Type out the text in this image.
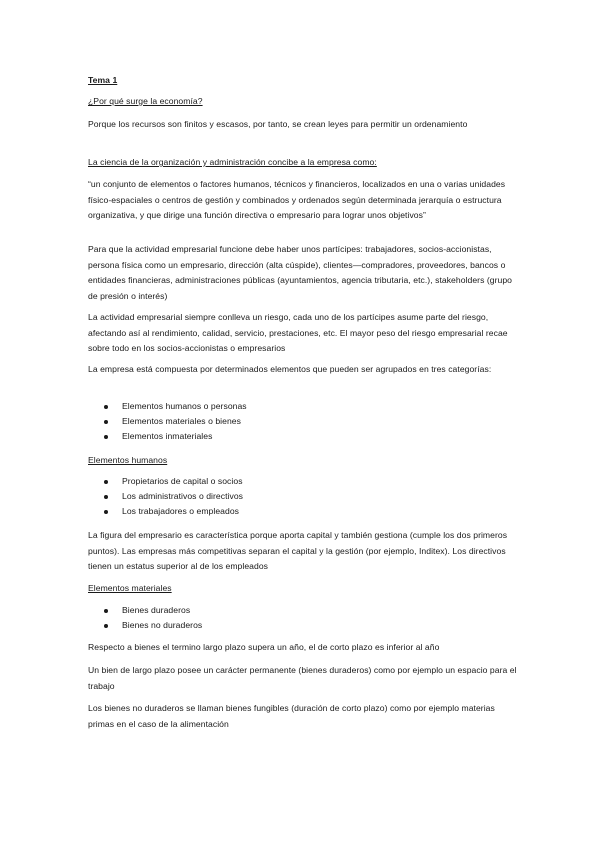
Tema 1

¿Por qué surge la economía?

Porque los recursos son finitos y escasos, por tanto, se crean leyes para permitir un ordenamiento

La ciencia de la organización y administración concibe a la empresa como:

“un conjunto de elementos o factores humanos, técnicos y financieros, localizados en una o varias unidades físico-espaciales o centros de gestión y combinados y ordenados según determinada jerarquía o estructura organizativa, y que dirige una función directiva o empresario para lograr unos objetivos”

Para que la actividad empresarial funcione debe haber unos partícipes: trabajadores, socios-accionistas, persona física como un empresario, dirección (alta cúspide), clientes—compradores, proveedores, bancos o entidades financieras, administraciones públicas (ayuntamientos, agencia tributaria, etc.), stakeholders (grupo de presión o interés)

La actividad empresarial siempre conlleva un riesgo, cada uno de los partícipes asume parte del riesgo, afectando así al rendimiento, calidad, servicio, prestaciones, etc. El mayor peso del riesgo empresarial recae sobre todo en los socios-accionistas o empresarios

La empresa está compuesta por determinados elementos que pueden ser agrupados en tres categorías:

Elementos humanos o personas
Elementos materiales o bienes
Elementos inmateriales

Elementos humanos

Propietarios de capital o socios
Los administrativos o directivos
Los trabajadores o empleados

La figura del empresario es característica porque aporta capital y también gestiona (cumple los dos primeros puntos). Las empresas más competitivas separan el capital y la gestión (por ejemplo, Inditex). Los directivos tienen un estatus superior al de los empleados

Elementos materiales

Bienes duraderos
Bienes no duraderos

Respecto a bienes el termino largo plazo supera un año, el de corto plazo es inferior al año

Un bien de largo plazo posee un carácter permanente (bienes duraderos) como por ejemplo un espacio para el trabajo

Los bienes no duraderos se llaman bienes fungibles (duración de corto plazo) como por ejemplo materias primas en el caso de la alimentación
